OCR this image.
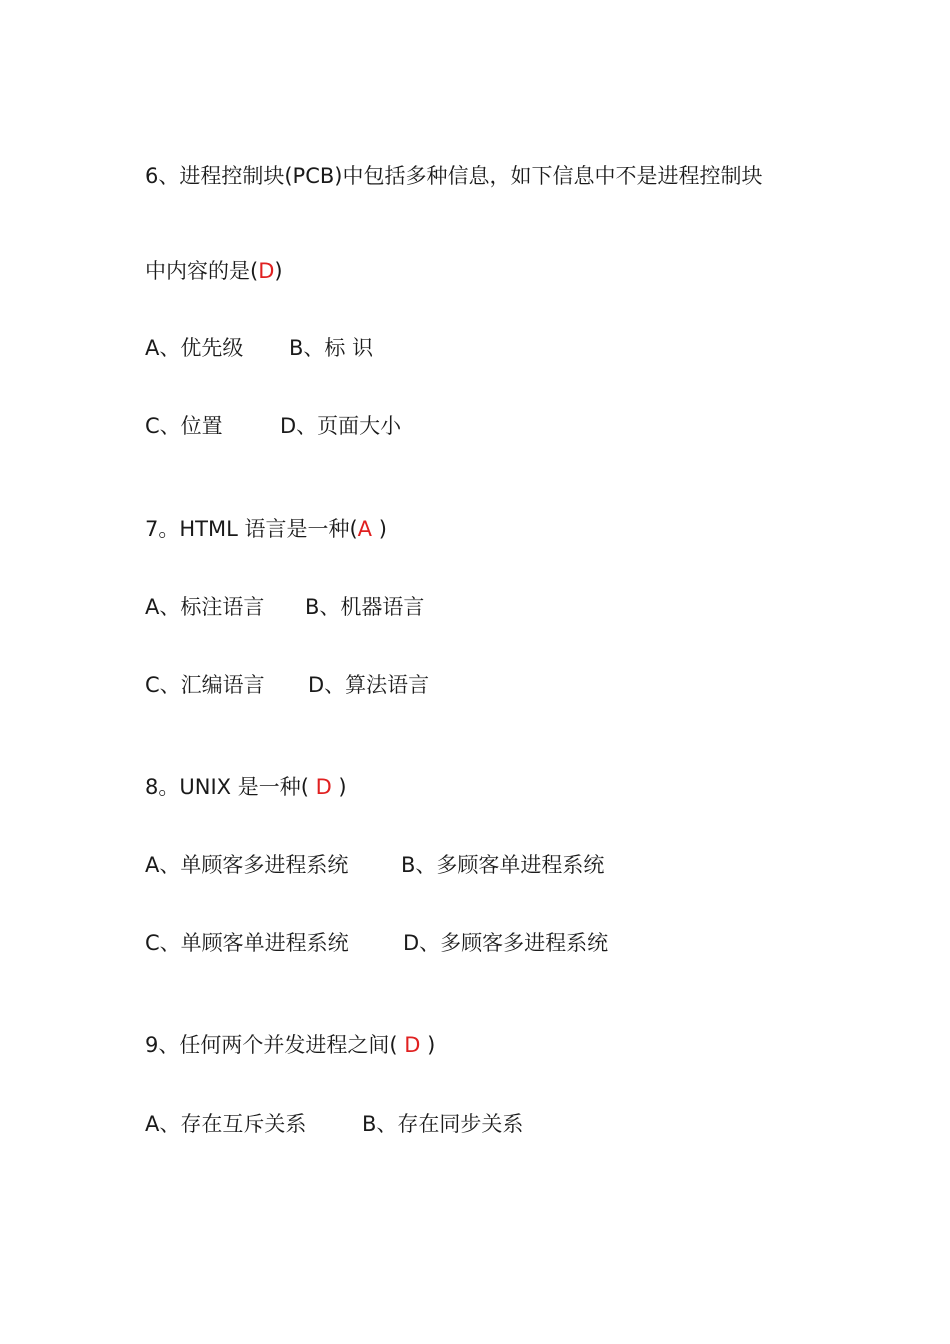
6、进程控制块(PCB)中包括多种信息，如下信息中不是进程控制块
中内容的是(D)
A、优先级 B、标 识
C、位置	D、页面大小
7。HTML 语言是一种(A )
A、标注语言 B、机器语言
C、汇编语言 D、算法语言
8。UNIX 是一种( D )
A、单顾客多进程系统	B、多顾客单进程系统
C、单顾客单进程系统	D、多顾客多进程系统
9、任何两个并发进程之间( D )
A、存在互斥关系	B、存在同步关系
